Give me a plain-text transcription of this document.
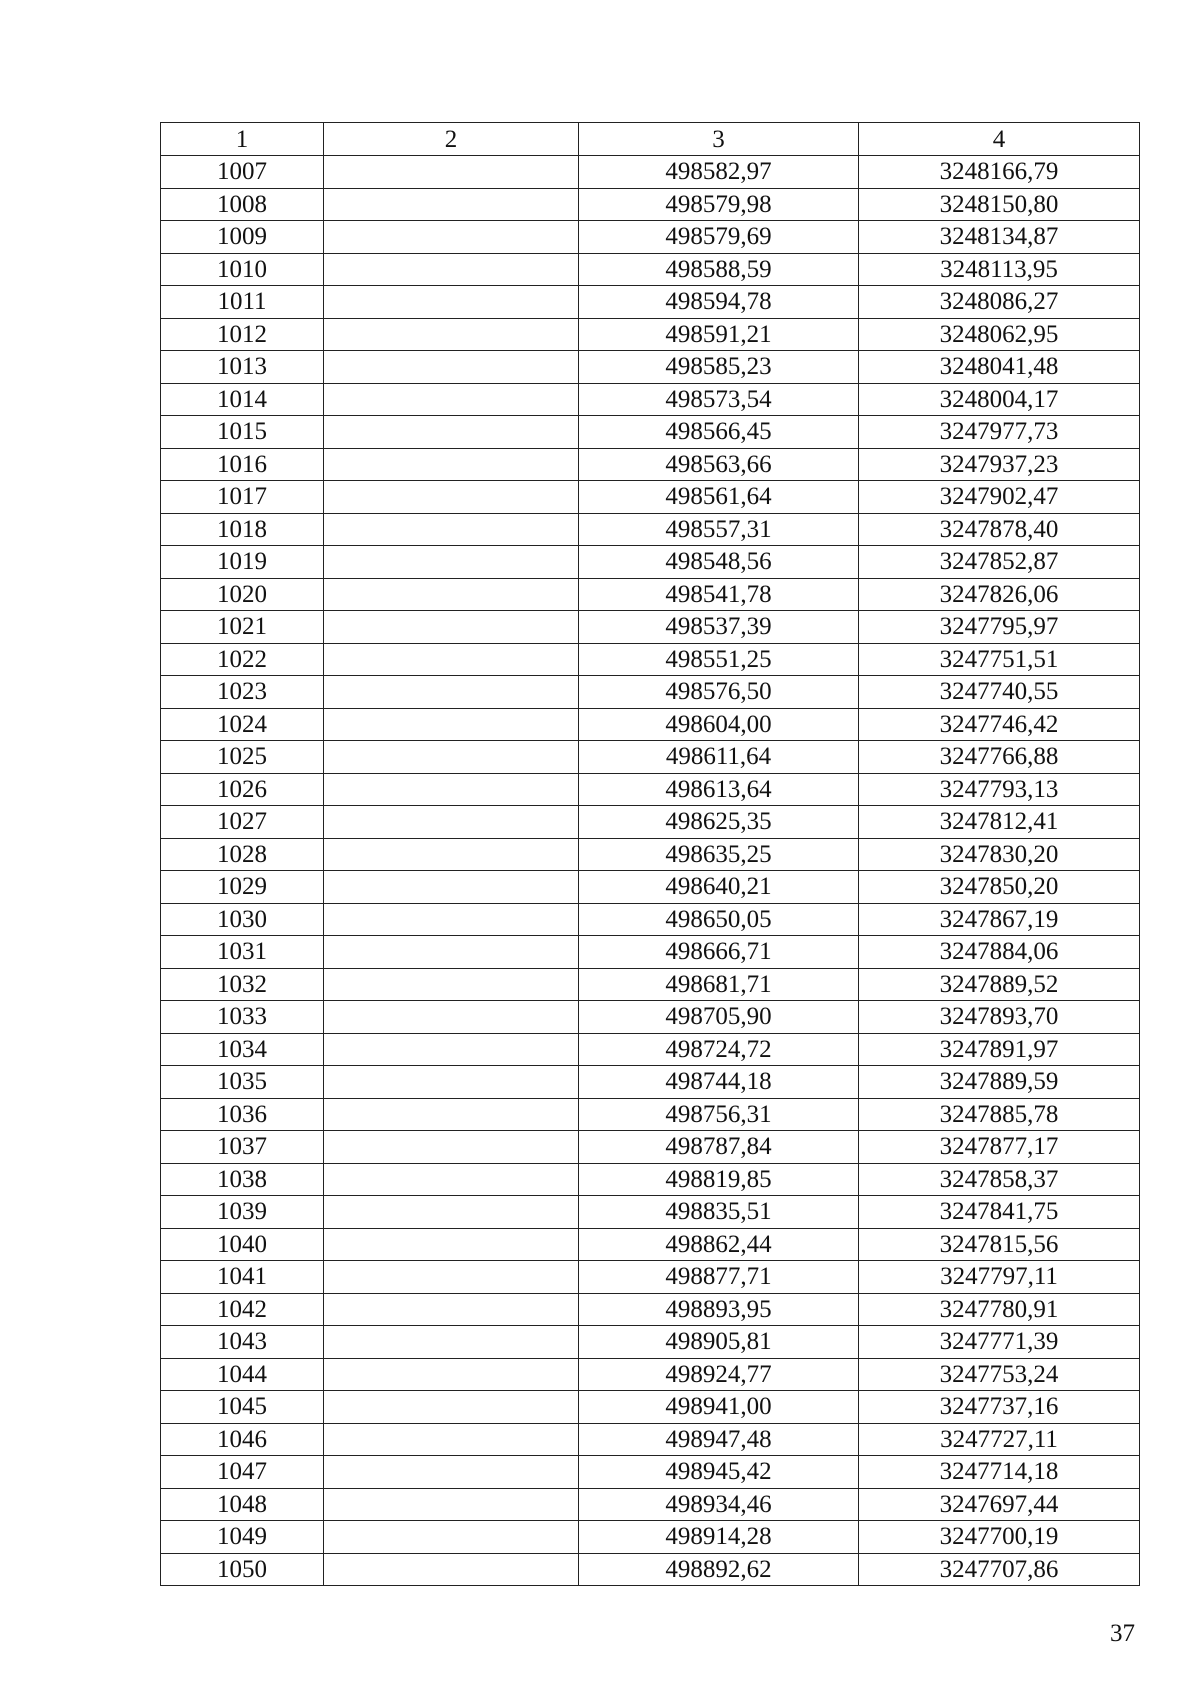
1	2	3	4
1007		498582,97	3248166,79
1008		498579,98	3248150,80
1009		498579,69	3248134,87
1010		498588,59	3248113,95
1011		498594,78	3248086,27
1012		498591,21	3248062,95
1013		498585,23	3248041,48
1014		498573,54	3248004,17
1015		498566,45	3247977,73
1016		498563,66	3247937,23
1017		498561,64	3247902,47
1018		498557,31	3247878,40
1019		498548,56	3247852,87
1020		498541,78	3247826,06
1021		498537,39	3247795,97
1022		498551,25	3247751,51
1023		498576,50	3247740,55
1024		498604,00	3247746,42
1025		498611,64	3247766,88
1026		498613,64	3247793,13
1027		498625,35	3247812,41
1028		498635,25	3247830,20
1029		498640,21	3247850,20
1030		498650,05	3247867,19
1031		498666,71	3247884,06
1032		498681,71	3247889,52
1033		498705,90	3247893,70
1034		498724,72	3247891,97
1035		498744,18	3247889,59
1036		498756,31	3247885,78
1037		498787,84	3247877,17
1038		498819,85	3247858,37
1039		498835,51	3247841,75
1040		498862,44	3247815,56
1041		498877,71	3247797,11
1042		498893,95	3247780,91
1043		498905,81	3247771,39
1044		498924,77	3247753,24
1045		498941,00	3247737,16
1046		498947,48	3247727,11
1047		498945,42	3247714,18
1048		498934,46	3247697,44
1049		498914,28	3247700,19
1050		498892,62	3247707,86
37
